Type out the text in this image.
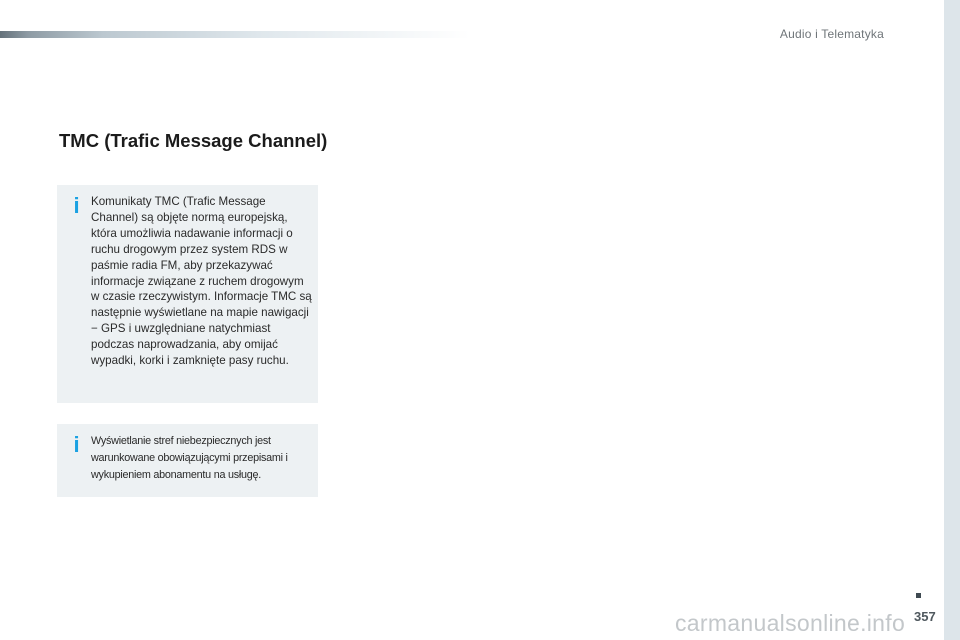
Audio i Telematyka
TMC (Trafic Message Channel)
i Komunikaty TMC (Trafic Message Channel) są objęte normą europejską, która umożliwia nadawanie informacji o ruchu drogowym przez system RDS w paśmie radia FM, aby przekazywać informacje związane z ruchem drogowym w czasie rzeczywistym. Informacje TMC są następnie wyświetlane na mapie nawigacji − GPS i uwzględniane natychmiast podczas naprowadzania, aby omijać wypadki, korki i zamknięte pasy ruchu.

i Wyświetlanie stref niebezpiecznych jest warunkowane obowiązującymi przepisami i wykupieniem abonamentu na usługę.

carmanualsonline.info 357
